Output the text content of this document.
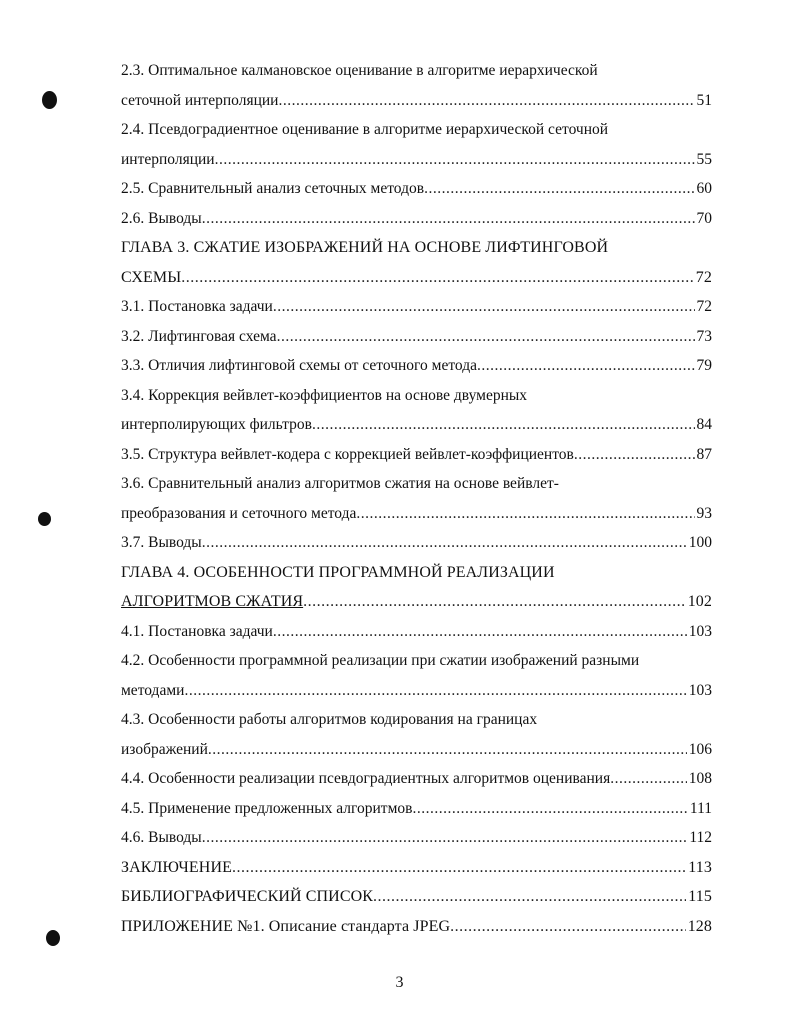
2.3. Оптимальное калмановское оценивание в алгоритме иерархической
сеточной интерполяции .....	51
2.4. Псевдоградиентное оценивание в алгоритме иерархической сеточной
интерполяции .....	55
2.5. Сравнительный анализ сеточных методов .....	60
2.6. Выводы .....	70
ГЛАВА 3. СЖАТИЕ ИЗОБРАЖЕНИЙ НА ОСНОВЕ ЛИФТИНГОВОЙ
СХЕМЫ .....	72
3.1. Постановка задачи .....	72
3.2. Лифтинговая схема .....	73
3.3. Отличия лифтинговой схемы от сеточного метода .....	79
3.4. Коррекция вейвлет-коэффициентов на основе двумерных
интерполирующих фильтров .....	84
3.5. Структура вейвлет-кодера с коррекцией вейвлет-коэффициентов .....	87
3.6. Сравнительный анализ алгоритмов сжатия на основе вейвлет-
преобразования и сеточного метода .....	93
3.7. Выводы .....	100
ГЛАВА 4. ОСОБЕННОСТИ ПРОГРАММНОЙ РЕАЛИЗАЦИИ
АЛГОРИТМОВ СЖАТИЯ .....	102
4.1. Постановка задачи .....	103
4.2. Особенности программной реализации при сжатии изображений разными
методами .....	103
4.3. Особенности работы алгоритмов кодирования на границах
изображений .....	106
4.4. Особенности реализации псевдоградиентных алгоритмов оценивания .....	108
4.5. Применение предложенных алгоритмов .....	111
4.6. Выводы .....	112
ЗАКЛЮЧЕНИЕ .....	113
БИБЛИОГРАФИЧЕСКИЙ СПИСОК .....	115
ПРИЛОЖЕНИЕ №1. Описание стандарта JPEG .....	128
3
